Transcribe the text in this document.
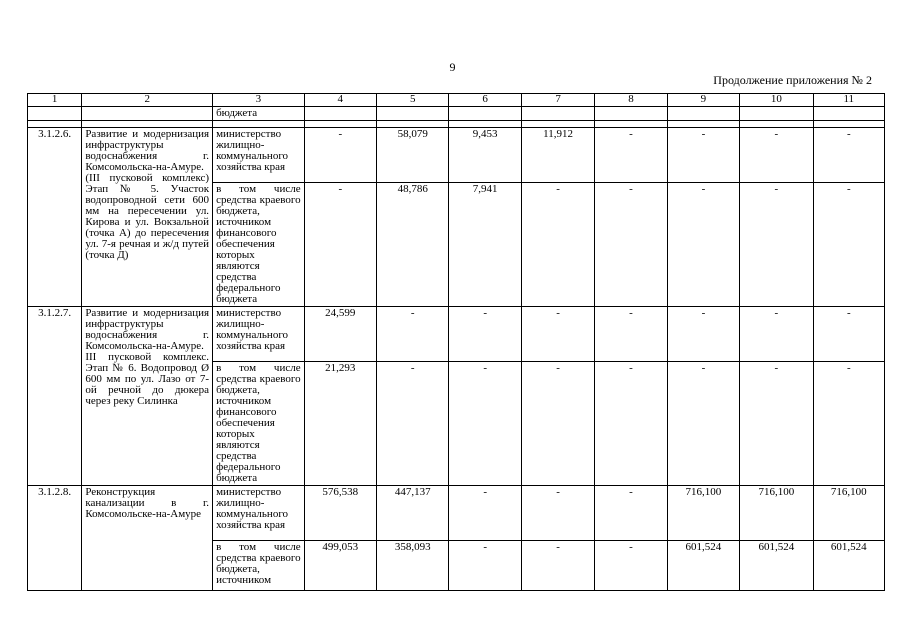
9
Продолжение приложения № 2
1	2	3	4	5	6	7	8	9	10	11
		бюджета								

3.1.2.6.	Развитие и модернизация инфраструктуры водоснабжения г. Комсомольска-на-Амуре. (III пусковой комплекс) Этап № 5. Участок водопроводной сети 600 мм на пересечении ул. Кирова и ул. Вокзальной (точка А) до пересечения ул. 7-я речная и ж/д путей (точка Д)	министерство жилищно-коммунального хозяйства края	-	58,079	9,453	11,912	-	-	-	-
		в том числе средства краевого бюджета, источником финансового обеспечения которых являются средства федерального бюджета	-	48,786	7,941	-	-	-	-	-
3.1.2.7.	Развитие и модернизация инфраструктуры водоснабжения г. Комсомольска-на-Амуре. III пусковой комплекс. Этап № 6. Водопровод Ø 600 мм по ул. Лазо от 7-ой речной до дюкера через реку Силинка	министерство жилищно-коммунального хозяйства края	24,599	-	-	-	-	-	-	-
		в том числе средства краевого бюджета, источником финансового обеспечения которых являются средства федерального бюджета	21,293	-	-	-	-	-	-	-
3.1.2.8.	Реконструкция канализации в г. Комсомольске-на-Амуре	министерство жилищно-коммунального хозяйства края	576,538	447,137	-	-	-	716,100	716,100	716,100
		в том числе средства краевого бюджета, источником	499,053	358,093	-	-	-	601,524	601,524	601,524
